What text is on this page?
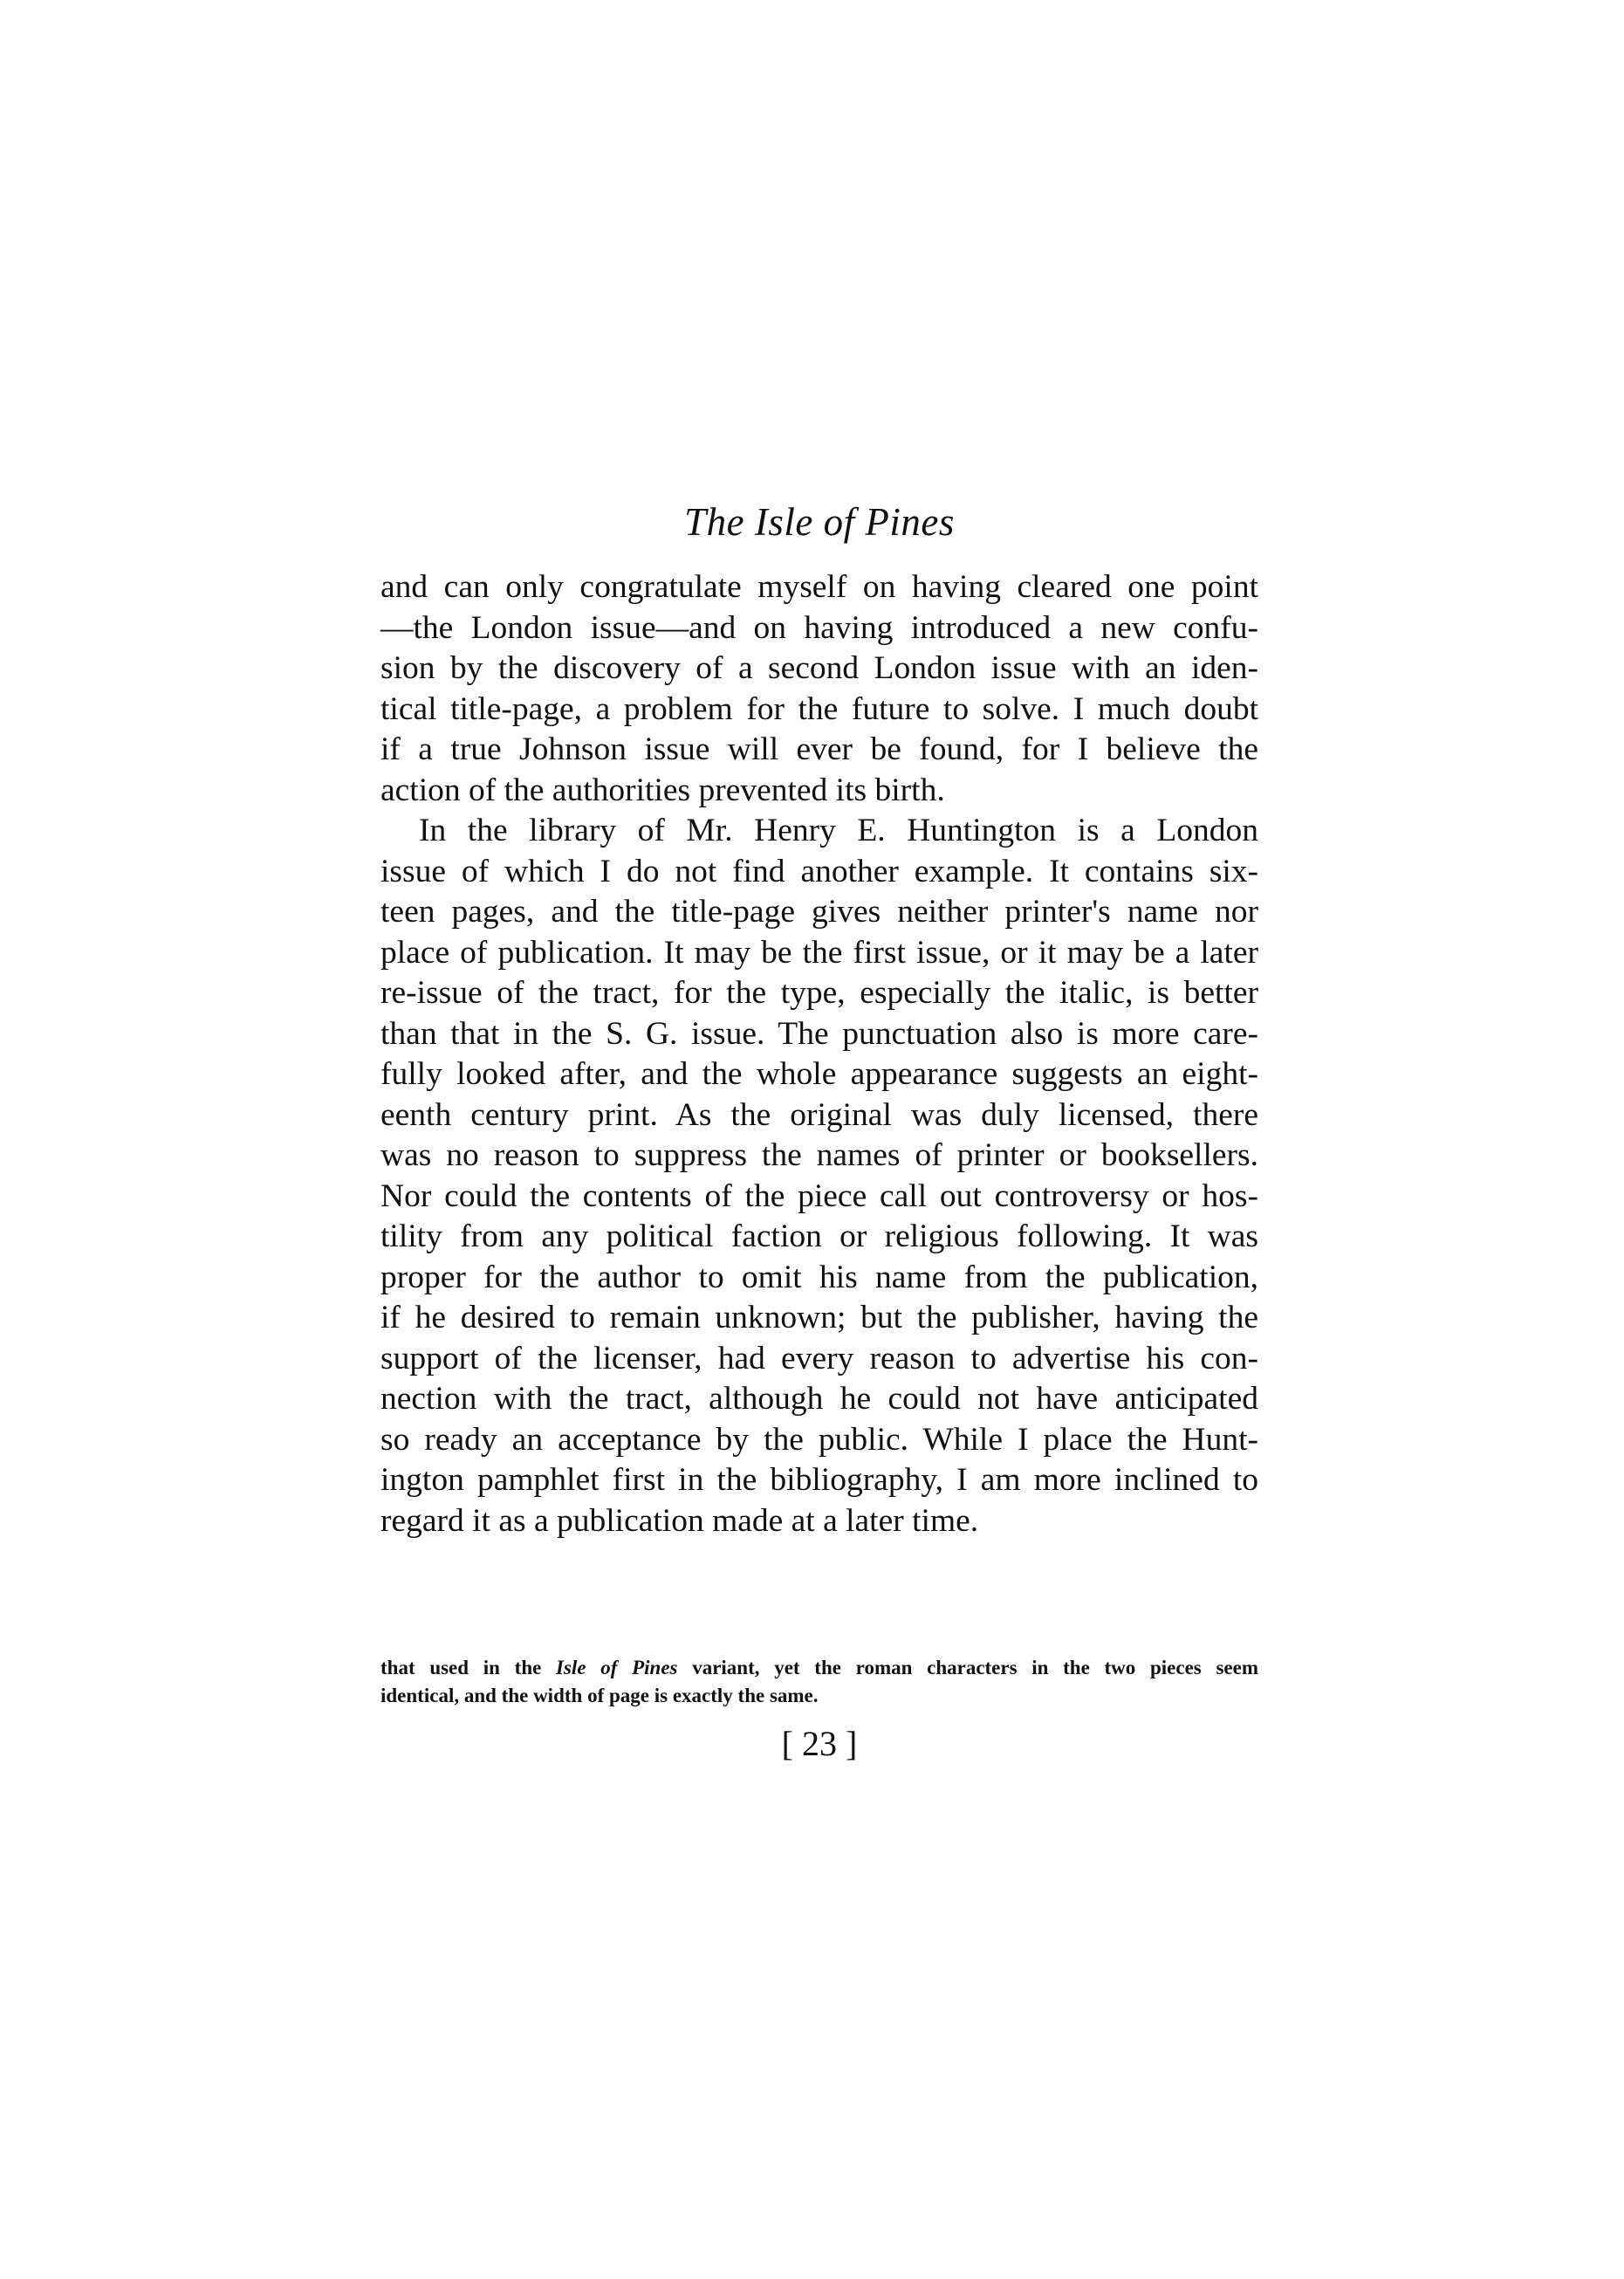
The Isle of Pines
and can only congratulate myself on having cleared one point
—the London issue—and on having introduced a new confu-
sion by the discovery of a second London issue with an iden-
tical title-page, a problem for the future to solve. I much doubt
if a true Johnson issue will ever be found, for I believe the
action of the authorities prevented its birth.
In the library of Mr. Henry E. Huntington is a London
issue of which I do not find another example. It contains six-
teen pages, and the title-page gives neither printer's name nor
place of publication. It may be the first issue, or it may be a later
re-issue of the tract, for the type, especially the italic, is better
than that in the S. G. issue. The punctuation also is more care-
fully looked after, and the whole appearance suggests an eight-
eenth century print. As the original was duly licensed, there
was no reason to suppress the names of printer or booksellers.
Nor could the contents of the piece call out controversy or hos-
tility from any political faction or religious following. It was
proper for the author to omit his name from the publication,
if he desired to remain unknown; but the publisher, having the
support of the licenser, had every reason to advertise his con-
nection with the tract, although he could not have anticipated
so ready an acceptance by the public. While I place the Hunt-
ington pamphlet first in the bibliography, I am more inclined to
regard it as a publication made at a later time.
that used in the Isle of Pines variant, yet the roman characters in the two pieces seem
identical, and the width of page is exactly the same.
[ 23 ]
